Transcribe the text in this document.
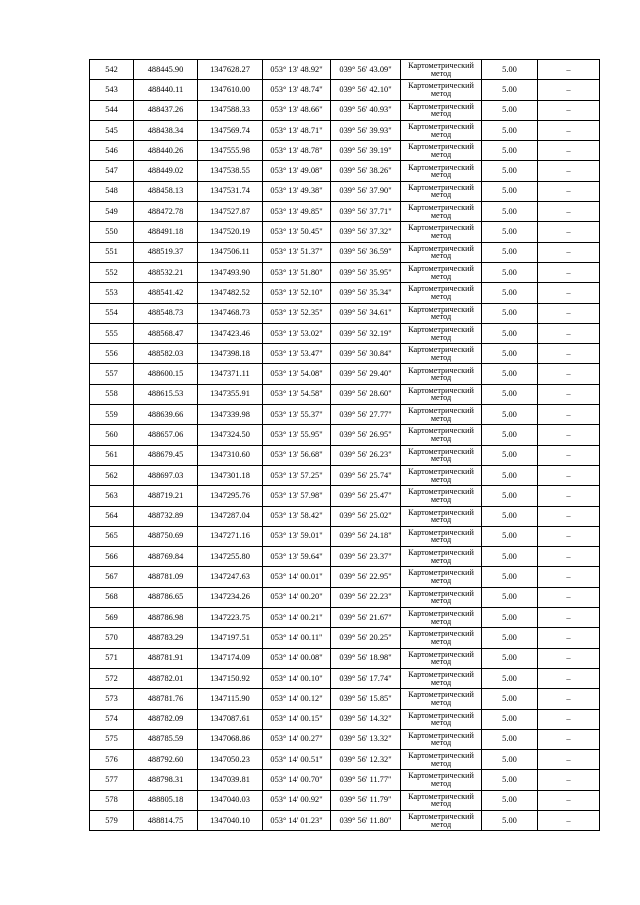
542	488445.90	1347628.27	053° 13' 48.92"	039° 56' 43.09"	Картометрический метод	5.00	–
543	488440.11	1347610.00	053° 13' 48.74"	039° 56' 42.10"	Картометрический метод	5.00	–
544	488437.26	1347588.33	053° 13' 48.66"	039° 56' 40.93"	Картометрический метод	5.00	–
545	488438.34	1347569.74	053° 13' 48.71"	039° 56' 39.93"	Картометрический метод	5.00	–
546	488440.26	1347555.98	053° 13' 48.78"	039° 56' 39.19"	Картометрический метод	5.00	–
547	488449.02	1347538.55	053° 13' 49.08"	039° 56' 38.26"	Картометрический метод	5.00	–
548	488458.13	1347531.74	053° 13' 49.38"	039° 56' 37.90"	Картометрический метод	5.00	–
549	488472.78	1347527.87	053° 13' 49.85"	039° 56' 37.71"	Картометрический метод	5.00	–
550	488491.18	1347520.19	053° 13' 50.45"	039° 56' 37.32"	Картометрический метод	5.00	–
551	488519.37	1347506.11	053° 13' 51.37"	039° 56' 36.59"	Картометрический метод	5.00	–
552	488532.21	1347493.90	053° 13' 51.80"	039° 56' 35.95"	Картометрический метод	5.00	–
553	488541.42	1347482.52	053° 13' 52.10"	039° 56' 35.34"	Картометрический метод	5.00	–
554	488548.73	1347468.73	053° 13' 52.35"	039° 56' 34.61"	Картометрический метод	5.00	–
555	488568.47	1347423.46	053° 13' 53.02"	039° 56' 32.19"	Картометрический метод	5.00	–
556	488582.03	1347398.18	053° 13' 53.47"	039° 56' 30.84"	Картометрический метод	5.00	–
557	488600.15	1347371.11	053° 13' 54.08"	039° 56' 29.40"	Картометрический метод	5.00	–
558	488615.53	1347355.91	053° 13' 54.58"	039° 56' 28.60"	Картометрический метод	5.00	–
559	488639.66	1347339.98	053° 13' 55.37"	039° 56' 27.77"	Картометрический метод	5.00	–
560	488657.06	1347324.50	053° 13' 55.95"	039° 56' 26.95"	Картометрический метод	5.00	–
561	488679.45	1347310.60	053° 13' 56.68"	039° 56' 26.23"	Картометрический метод	5.00	–
562	488697.03	1347301.18	053° 13' 57.25"	039° 56' 25.74"	Картометрический метод	5.00	–
563	488719.21	1347295.76	053° 13' 57.98"	039° 56' 25.47"	Картометрический метод	5.00	–
564	488732.89	1347287.04	053° 13' 58.42"	039° 56' 25.02"	Картометрический метод	5.00	–
565	488750.69	1347271.16	053° 13' 59.01"	039° 56' 24.18"	Картометрический метод	5.00	–
566	488769.84	1347255.80	053° 13' 59.64"	039° 56' 23.37"	Картометрический метод	5.00	–
567	488781.09	1347247.63	053° 14' 00.01"	039° 56' 22.95"	Картометрический метод	5.00	–
568	488786.65	1347234.26	053° 14' 00.20"	039° 56' 22.23"	Картометрический метод	5.00	–
569	488786.98	1347223.75	053° 14' 00.21"	039° 56' 21.67"	Картометрический метод	5.00	–
570	488783.29	1347197.51	053° 14' 00.11"	039° 56' 20.25"	Картометрический метод	5.00	–
571	488781.91	1347174.09	053° 14' 00.08"	039° 56' 18.98"	Картометрический метод	5.00	–
572	488782.01	1347150.92	053° 14' 00.10"	039° 56' 17.74"	Картометрический метод	5.00	–
573	488781.76	1347115.90	053° 14' 00.12"	039° 56' 15.85"	Картометрический метод	5.00	–
574	488782.09	1347087.61	053° 14' 00.15"	039° 56' 14.32"	Картометрический метод	5.00	–
575	488785.59	1347068.86	053° 14' 00.27"	039° 56' 13.32"	Картометрический метод	5.00	–
576	488792.60	1347050.23	053° 14' 00.51"	039° 56' 12.32"	Картометрический метод	5.00	–
577	488798.31	1347039.81	053° 14' 00.70"	039° 56' 11.77"	Картометрический метод	5.00	–
578	488805.18	1347040.03	053° 14' 00.92"	039° 56' 11.79"	Картометрический метод	5.00	–
579	488814.75	1347040.10	053° 14' 01.23"	039° 56' 11.80"	Картометрический метод	5.00	–
